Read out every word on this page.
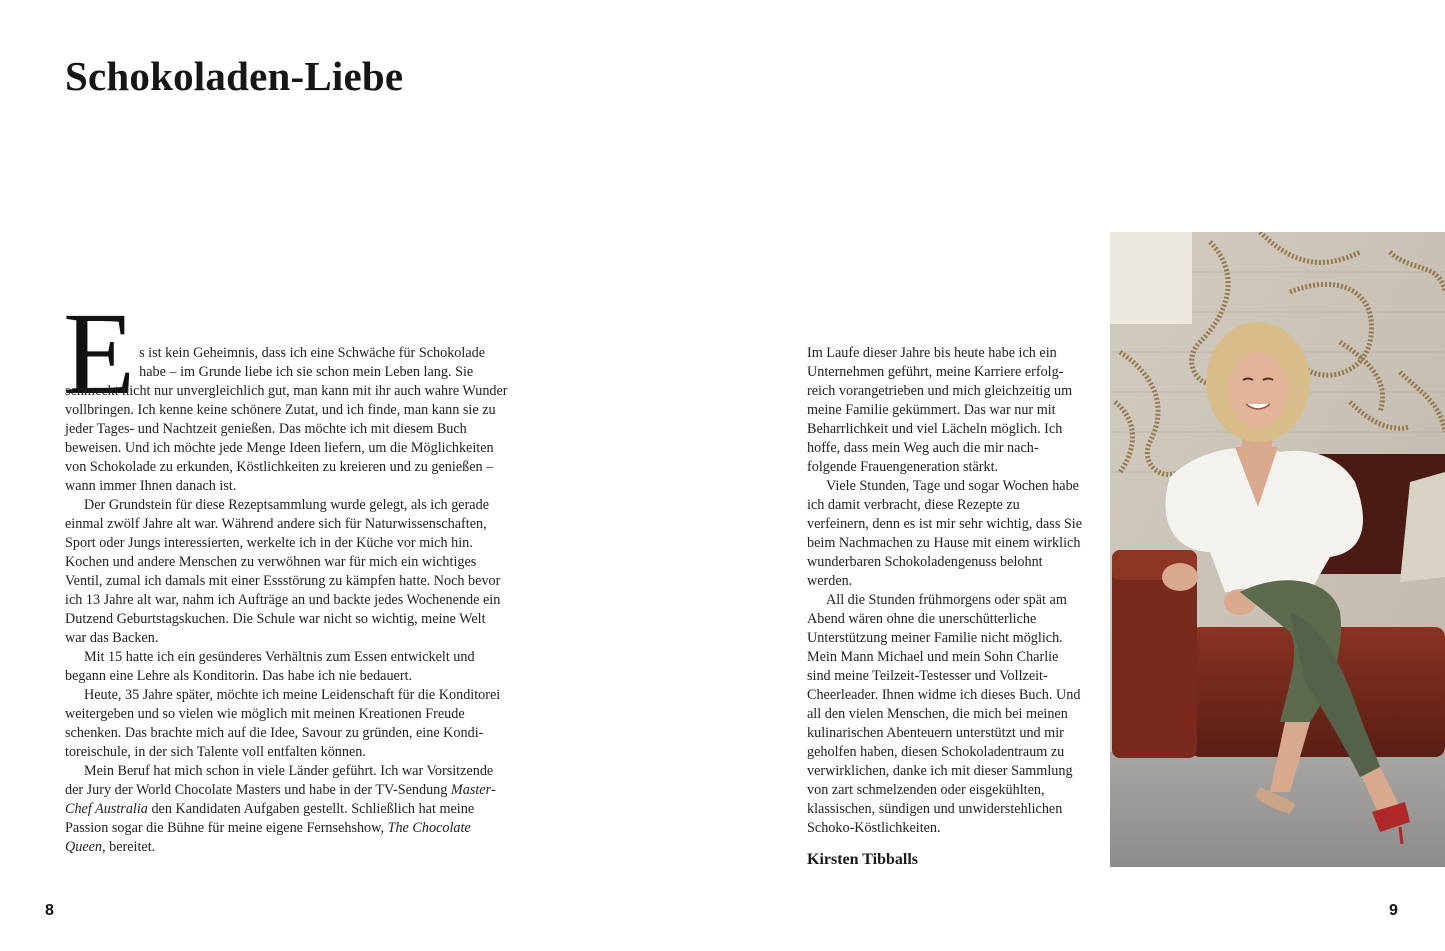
Schokoladen-Liebe

Es ist kein Geheimnis, dass ich eine Schwäche für Schokolade habe – im Grunde liebe ich sie schon mein Leben lang. Sie schmeckt nicht nur unvergleichlich gut, man kann mit ihr auch wahre Wunder vollbringen. Ich kenne keine schönere Zutat, und ich finde, man kann sie zu jeder Tages- und Nachtzeit genießen. Das möchte ich mit diesem Buch beweisen. Und ich möchte jede Menge Ideen liefern, um die Möglichkeiten von Schokolade zu erkunden, Köstlichkeiten zu kreieren und zu genießen – wann immer Ihnen danach ist.

Der Grundstein für diese Rezeptsammlung wurde gelegt, als ich gerade einmal zwölf Jahre alt war. Während andere sich für Naturwissenschaften, Sport oder Jungs interessierten, werkelte ich in der Küche vor mich hin. Kochen und andere Menschen zu verwöhnen war für mich ein wichtiges Ventil, zumal ich damals mit einer Essstörung zu kämpfen hatte. Noch bevor ich 13 Jahre alt war, nahm ich Aufträge an und backte jedes Wochenende ein Dutzend Geburtstagskuchen. Die Schule war nicht so wichtig, meine Welt war das Backen.

Mit 15 hatte ich ein gesünderes Verhältnis zum Essen entwickelt und begann eine Lehre als Konditorin. Das habe ich nie bedauert.

Heute, 35 Jahre später, möchte ich meine Leidenschaft für die Konditorei weitergeben und so vielen wie möglich mit meinen Kreationen Freude schenken. Das brachte mich auf die Idee, Savour zu gründen, eine Konditoreischule, in der sich Talente voll entfalten können.

Mein Beruf hat mich schon in viele Länder geführt. Ich war Vorsitzende der Jury der World Chocolate Masters und habe in der TV-Sendung MasterChef Australia den Kandidaten Aufgaben gestellt. Schließlich hat meine Passion sogar die Bühne für meine eigene Fernsehshow, The Chocolate Queen, bereitet.

Im Laufe dieser Jahre bis heute habe ich ein Unternehmen geführt, meine Karriere erfolgreich vorangetrieben und mich gleichzeitig um meine Familie gekümmert. Das war nur mit Beharrlichkeit und viel Lächeln möglich. Ich hoffe, dass mein Weg auch die mir nachfolgende Frauengeneration stärkt.

Viele Stunden, Tage und sogar Wochen habe ich damit verbracht, diese Rezepte zu verfeinern, denn es ist mir sehr wichtig, dass Sie beim Nachmachen zu Hause mit einem wirklich wunderbaren Schokoladengenuss belohnt werden.

All die Stunden frühmorgens oder spät am Abend wären ohne die unerschütterliche Unterstützung meiner Familie nicht möglich. Mein Mann Michael und mein Sohn Charlie sind meine Teilzeit-Testesser und Vollzeit-Cheerleader. Ihnen widme ich dieses Buch. Und all den vielen Menschen, die mich bei meinen kulinarischen Abenteuern unterstützt und mir geholfen haben, diesen Schokoladentraum zu verwirklichen, danke ich mit dieser Sammlung von zart schmelzenden oder eisgekühlten, klassischen, sündigen und unwiderstehlichen Schoko-Köstlichkeiten.

Kirsten Tibballs
8	9
